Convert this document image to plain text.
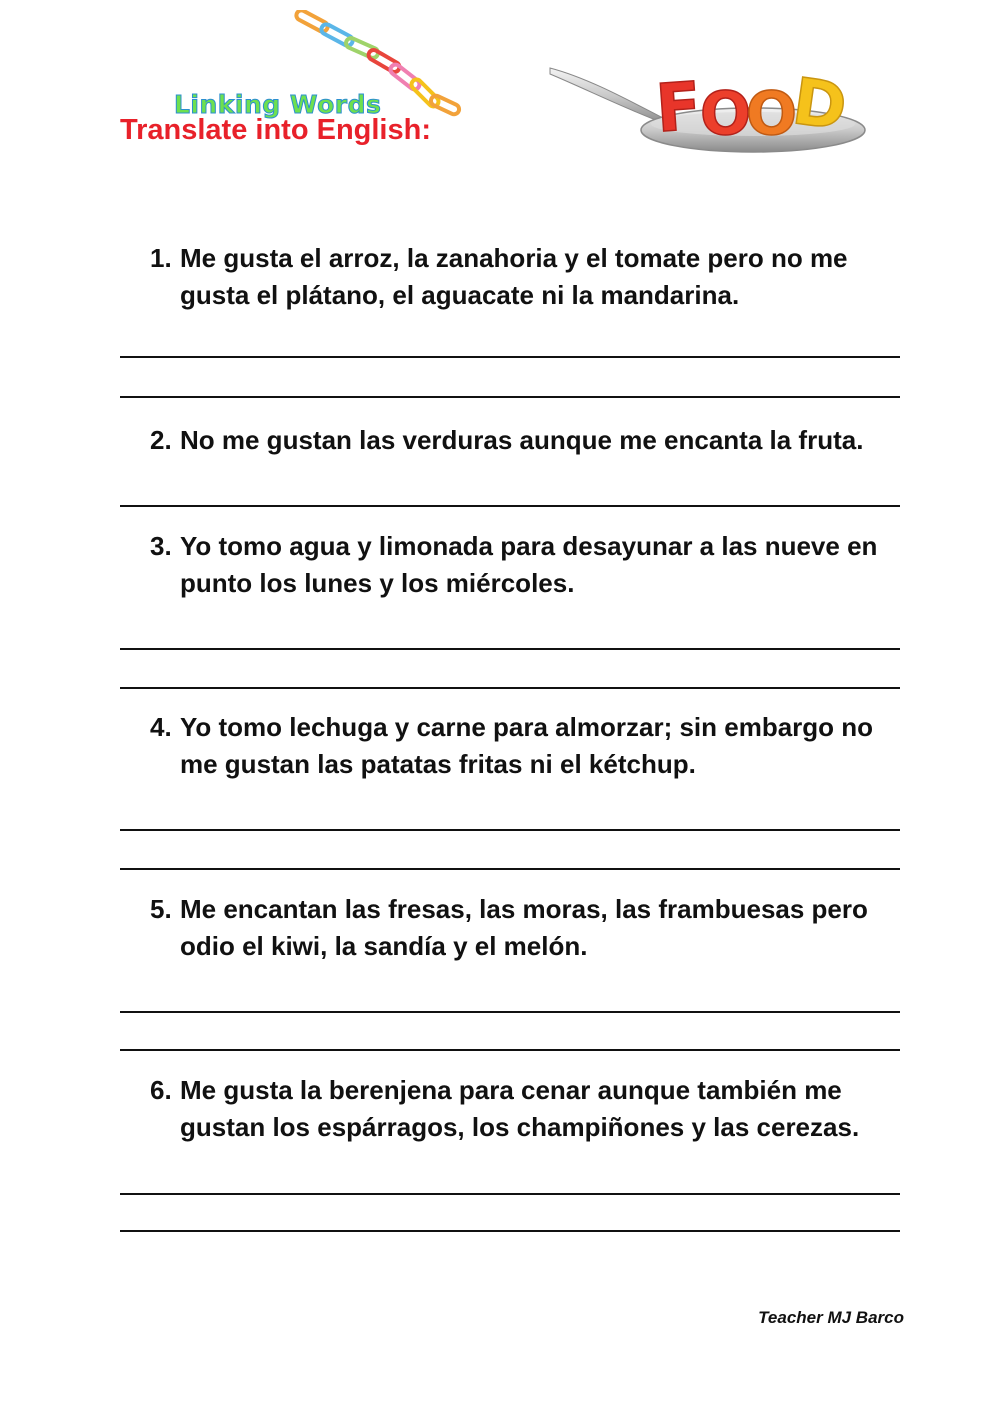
Linking Words
Translate into English:	F
O
O
D
1. Me gusta el arroz, la zanahoria y el tomate pero no me gusta el plátano, el aguacate ni la mandarina.
2. No me gustan las verduras aunque me encanta la fruta.
3. Yo tomo agua y limonada para desayunar a las nueve en punto los lunes y los miércoles.
4. Yo tomo lechuga y carne para almorzar; sin embargo no me gustan las patatas fritas ni el kétchup.
5. Me encantan las fresas, las moras, las frambuesas pero odio el kiwi, la sandía y el melón.
6. Me gusta la berenjena para cenar aunque también me gustan los espárragos, los champiñones y las cerezas.
Teacher MJ Barco
